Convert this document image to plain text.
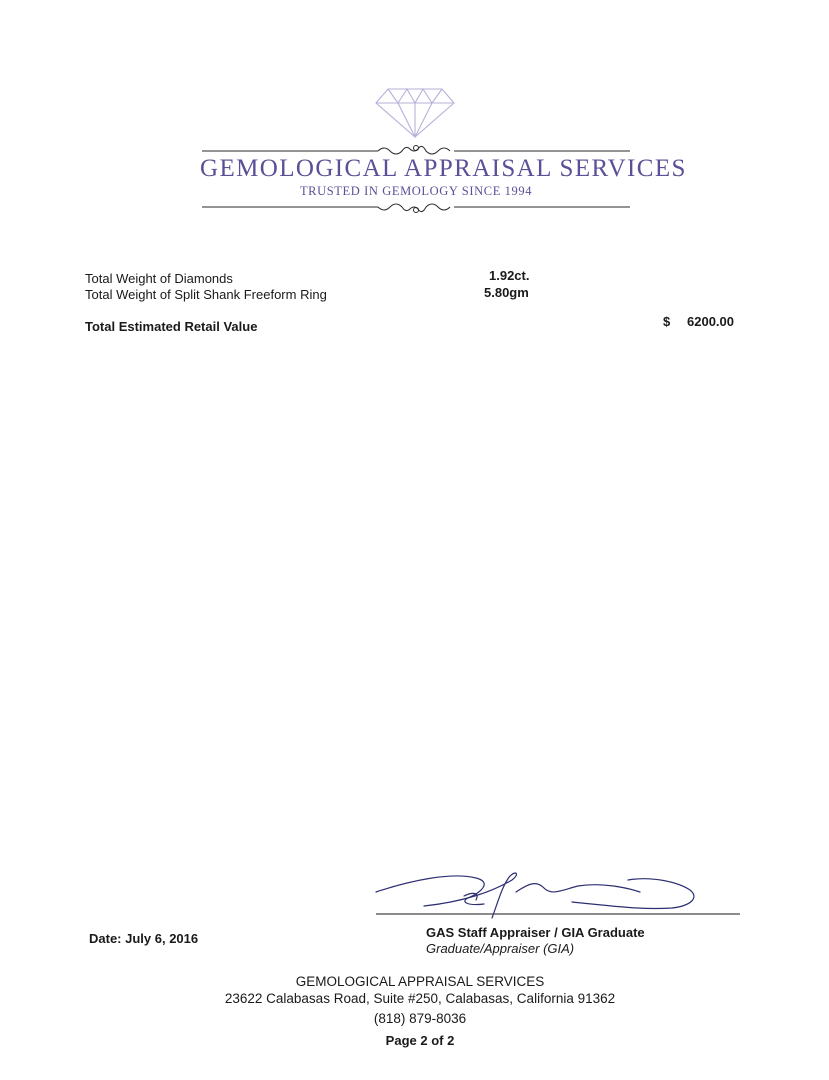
GEMOLOGICAL APPRAISAL SERVICES
TRUSTED IN GEMOLOGY SINCE 1994
Total Weight of Diamonds	1.92ct.
Total Weight of Split Shank Freeform Ring	5.80gm
Total Estimated Retail Value	$ 6200.00
Date: July 6, 2016	GAS Staff Appraiser / GIA Graduate
Graduate/Appraiser (GIA)
GEMOLOGICAL APPRAISAL SERVICES
23622 Calabasas Road, Suite #250, Calabasas, California 91362
(818) 879-8036
Page 2 of 2
